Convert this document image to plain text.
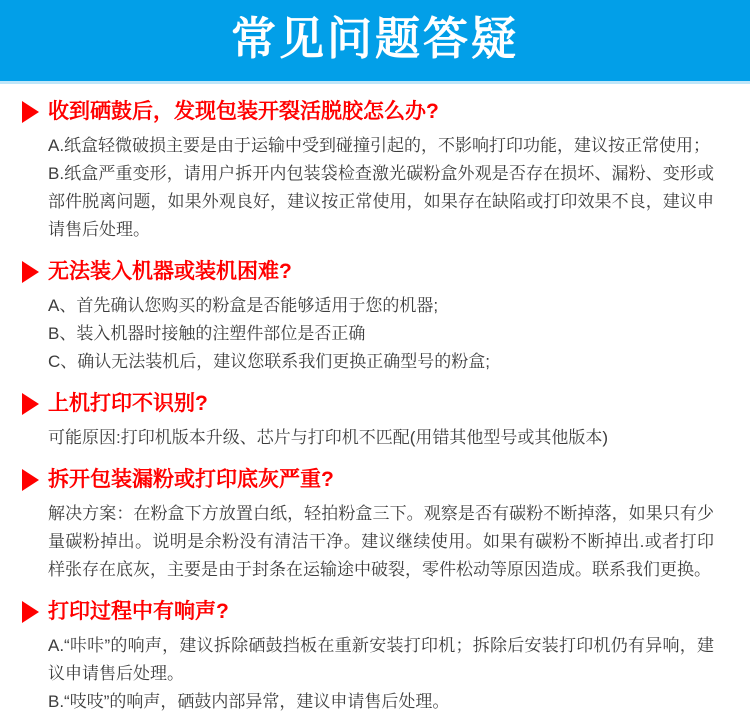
常见问题答疑
收到硒鼓后，发现包装开裂活脱胶怎么办?

A.纸盒轻微破损主要是由于运输中受到碰撞引起的，不影响打印功能，建议按正常使用；

B.纸盒严重变形，请用户拆开内包装袋检查激光碳粉盒外观是否存在损坏、漏粉、变形或部件脱离问题，如果外观良好，建议按正常使用，如果存在缺陷或打印效果不良，建议申请售后处理。

无法装入机器或装机困难?

A、首先确认您购买的粉盒是否能够适用于您的机器;

B、装入机器时接触的注塑件部位是否正确

C、确认无法装机后，建议您联系我们更换正确型号的粉盒;

上机打印不识别?

可能原因:打印机版本升级、芯片与打印机不匹配(用错其他型号或其他版本)

拆开包装漏粉或打印底灰严重?

解决方案：在粉盒下方放置白纸，轻拍粉盒三下。观察是否有碳粉不断掉落，如果只有少量碳粉掉出。说明是余粉没有清洁干净。建议继续使用。如果有碳粉不断掉出.或者打印样张存在底灰，主要是由于封条在运输途中破裂，零件松动等原因造成。联系我们更换。

打印过程中有响声?

A.“咔咔”的响声，建议拆除硒鼓挡板在重新安装打印机；拆除后安装打印机仍有异响，建议申请售后处理。

B.“吱吱”的响声，硒鼓内部异常，建议申请售后处理。
